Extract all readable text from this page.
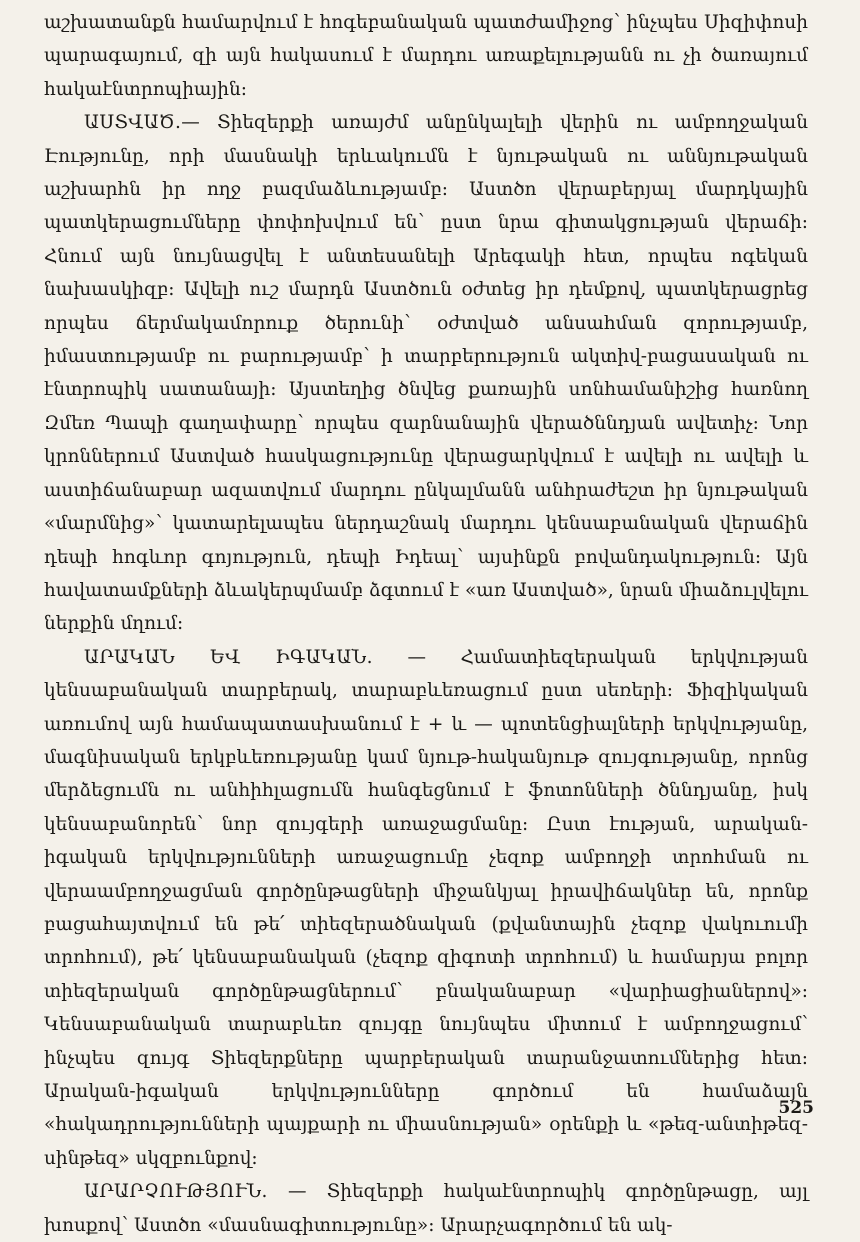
աշխատանքն համարվում է հոգեբանական պատժամիջոց՝ ինչպես Սիզիփոսի պարագայում, զի այն հակասում է մարդու առաքելությանն ու չի ծառայում հակաէնտրոպիային:

ԱՍՏՎԱԾ.— Տիեզերքի առայժմ անընկալելի վերին ու ամբողջական Էությունը, որի մասնակի երևակումն է նյութական ու աննյութական աշխարհն իր ողջ բազմաձևությամբ: Աստծո վերաբերյալ մարդկային պատկերացումները փոփոխվում են՝ ըստ նրա գիտակցության վերաճի: Հնում այն նույնացվել է անտեսանելի Արեգակի հետ, որպես ոգեկան նախասկիզբ: Ավելի ուշ մարդն Աստծուն օժտեց իր դեմքով, պատկերացրեց որպես ճերմակամորուք ծերունի՝ օժտված անսահման զորությամբ, իմաստությամբ ու բարությամբ՝ ի տարբերություն ակտիվ-բացասական ու էնտրոպիկ սատանայի: Այստեղից ծնվեց քառային սոնհամանիշից հառնող Զմեռ Պապի գաղափարը՝ որպես զարնանային վերածննդյան ավետիչ: Նոր կրոններում Աստված հասկացությունը վերացարկվում է ավելի ու ավելի և աստիճանաբար ազատվում մարդու ընկալմանն անհրաժեշտ իր նյութական «մարմնից»՝ կատարելապես ներդաշնակ մարդու կենսաբանական վերաճին դեպի հոգևոր գոյություն, դեպի Իդեալ՝ այսինքն բովանդակություն: Այն հավատամքների ձևակերպմամբ ձգտում է «առ Աստված», նրան միաձուլվելու ներքին մղում:

ԱՐԱԿԱՆ ԵՎ ԻԳԱԿԱՆ. — Համատիեզերական երկվության կենսաբանական տարբերակ, տարաբևեռացում ըստ սեռերի: Ֆիզիկական առումով այն համապատասխանում է + և — պոտենցիալների երկվությանը, մագնիսական երկբևեռությանը կամ նյութ-հականյութ զույգությանը, որոնց մերձեցումն ու անհիհլացումն հանգեցնում է ֆոտոնների ծննդյանը, իսկ կենսաբանորեն՝ նոր զույգերի առաջացմանը: Ըստ էության, արական-իգական երկվությունների առաջացումը չեզոք ամբողջի տրոհման ու վերաամբողջացման գործընթացների միջանկյալ իրավիճակներ են, որոնք բացահայտվում են թե՛ տիեզերածնական (քվանտային չեզոք վակուումի տրոհում), թե՛ կենսաբանական (չեզոք զիգոտի տրոհում) և համարյա բոլոր տիեզերական գործընթացներում՝ բնականաբար «վարիացիաներով»: Կենսաբանական տարաբևեռ զույգը նույնպես միտում է ամբողջացում՝ ինչպես զույգ Տիեզերքները պարբերական տարանջատումներից հետ: Արական-իգական երկվությունները գործում են համաձայն «հակադրությունների պայքարի ու միասնության» օրենքի և «թեզ-անտիթեզ-սինթեզ» սկզբունքով:

ԱՐԱՐՉՈՒԹՅՈՒՆ. — Տիեզերքի հակաէնտրոպիկ գործընթացը, այլ խոսքով՝ Աստծո «մասնագիտությունը»: Արարչագործում են ակ-

525
